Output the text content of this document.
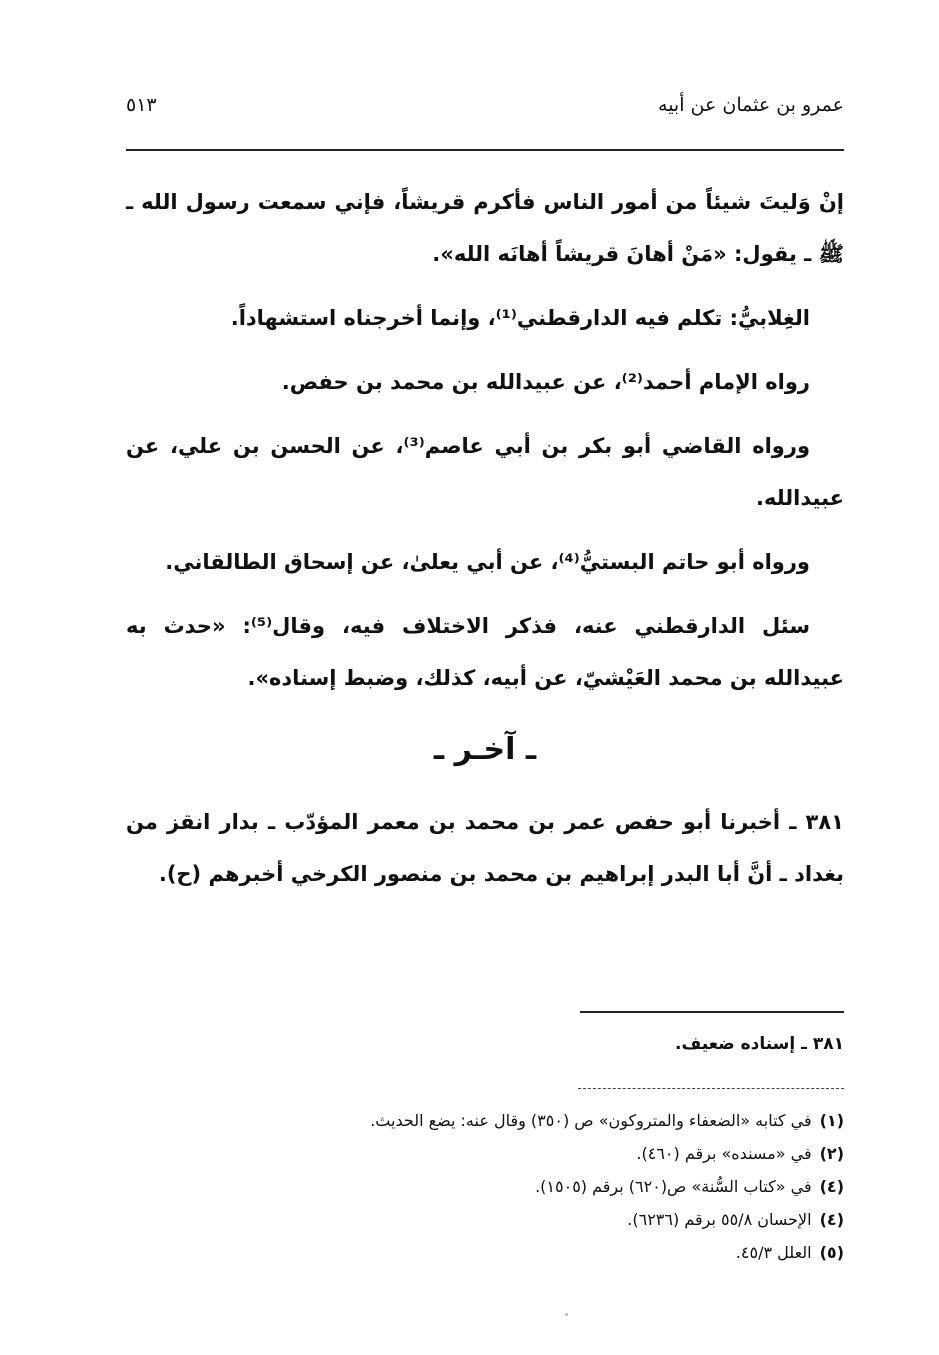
عمرو بن عثمان عن أبيه
٥١٣

إنْ وَليتَ شيئاً من أمور الناس فأكرم قريشاً، فإني سمعت رسول الله ـ ﷺ ـ يقول: «مَنْ أهانَ قريشاً أهانَه الله».

الغِلابيُّ: تكلم فيه الدارقطني⁽¹⁾، وإنما أخرجناه استشهاداً.

رواه الإمام أحمد⁽²⁾، عن عبيدالله بن محمد بن حفص.

ورواه القاضي أبو بكر بن أبي عاصم⁽³⁾، عن الحسن بن علي، عن عبيدالله.

ورواه أبو حاتم البستيُّ⁽⁴⁾، عن أبي يعلىٰ، عن إسحاق الطالقاني.

سئل الدارقطني عنه، فذكر الاختلاف فيه، وقال⁽⁵⁾: «حدث به عبيدالله بن محمد العَيْشيّ، عن أبيه، كذلك، وضبط إسناده».

ـ آخـر ـ

٣٨١ ـ أخبرنا أبو حفص عمر بن محمد بن معمر المؤدّب ـ بدار انقز من بغداد ـ أنَّ أبا البدر إبراهيم بن محمد بن منصور الكرخي أخبرهم (ح).

٣٨١ ـ إسناده ضعيف.
(١)في كتابه «الضعفاء والمتروكون» ص (٣٥٠) وقال عنه: يضع الحديث.
(٢)في «مسنده» برقم (٤٦٠).
(٤)في «كتاب السُّنة» ص(٦٢٠) برقم (١٥٠٥).
(٤)الإحسان ٥٥/٨ برقم (٦٢٣٦).
(٥)العلل ٤٥/٣.
